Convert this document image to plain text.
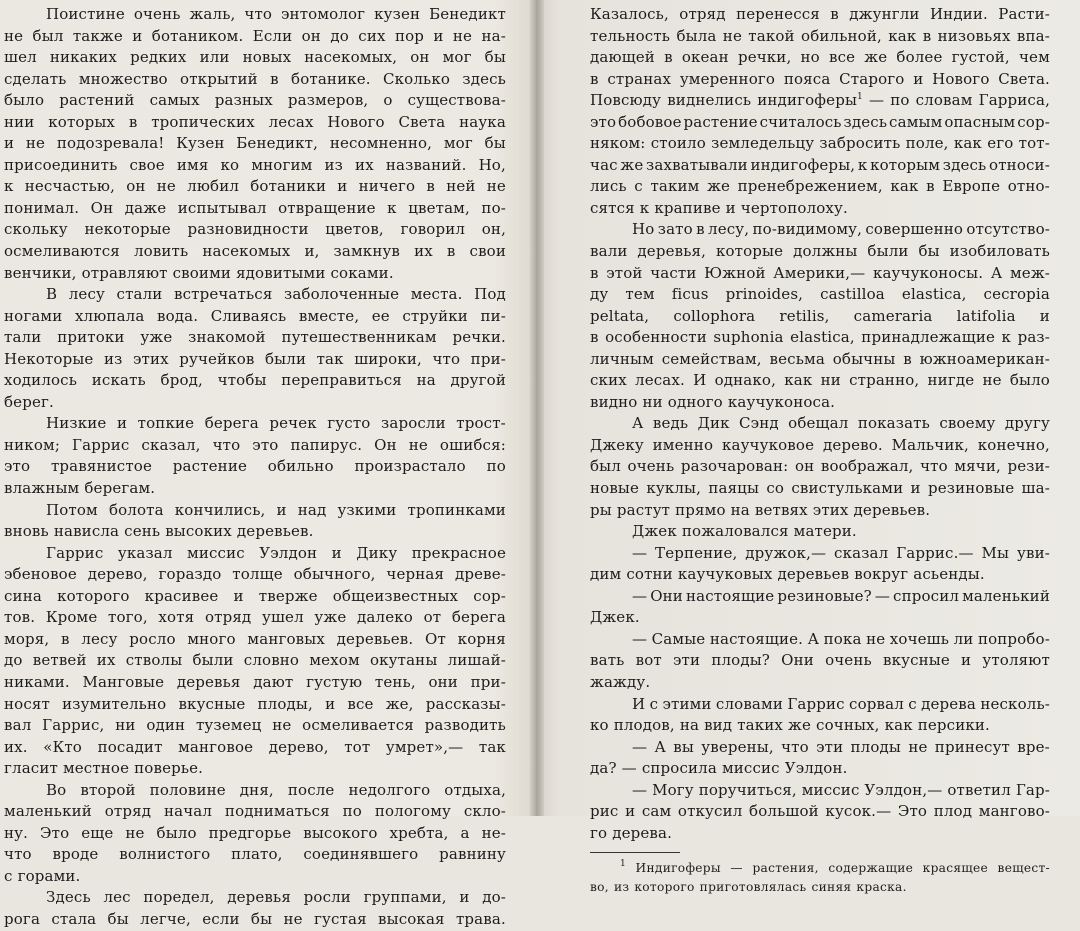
Поистине очень жаль, что энтомолог кузен Бенедикт
не был также и ботаником. Если он до сих пор и не на-
шел никаких редких или новых насекомых, он мог бы
сделать множество открытий в ботанике. Сколько здесь
было растений самых разных размеров, о существова-
нии которых в тропических лесах Нового Света наука
и не подозревала! Кузен Бенедикт, несомненно, мог бы
присоединить свое имя ко многим из их названий. Но,
к несчастью, он не любил ботаники и ничего в ней не
понимал. Он даже испытывал отвращение к цветам, по-
скольку некоторые разновидности цветов, говорил он,
осмеливаются ловить насекомых и, замкнув их в свои
венчики, отравляют своими ядовитыми соками.
В лесу стали встречаться заболоченные места. Под
ногами хлюпала вода. Сливаясь вместе, ее струйки пи-
тали притоки уже знакомой путешественникам речки.
Некоторые из этих ручейков были так широки, что при-
ходилось искать брод, чтобы переправиться на другой
берег.
Низкие и топкие берега речек густо заросли трост-
ником; Гаррис сказал, что это папирус. Он не ошибся:
это травянистое растение обильно произрастало по
влажным берегам.
Потом болота кончились, и над узкими тропинками
вновь нависла сень высоких деревьев.
Гаррис указал миссис Уэлдон и Дику прекрасное
эбеновое дерево, гораздо толще обычного, черная древе-
сина которого красивее и тверже общеизвестных сор-
тов. Кроме того, хотя отряд ушел уже далеко от берега
моря, в лесу росло много манговых деревьев. От корня
до ветвей их стволы были словно мехом окутаны лишай-
никами. Манговые деревья дают густую тень, они при-
носят изумительно вкусные плоды, и все же, рассказы-
вал Гаррис, ни один туземец не осмеливается разводить
их. «Кто посадит манговое дерево, тот умрет»,— так
гласит местное поверье.
Во второй половине дня, после недолгого отдыха,
маленький отряд начал подниматься по пологому скло-
ну. Это еще не было предгорье высокого хребта, а не-
что вроде волнистого плато, соединявшего равнину
с горами.
Здесь лес поредел, деревья росли группами, и до-
рога стала бы легче, если бы не густая высокая трава.
Казалось, отряд перенесся в джунгли Индии. Расти-
тельность была не такой обильной, как в низовьях впа-
дающей в океан речки, но все же более густой, чем
в странах умеренного пояса Старого и Нового Света.
Повсюду виднелись индигоферы$^1$ — по словам Гарриса,
это бобовое растение считалось здесь самым опасным сор-
няком: стоило земледельцу забросить поле, как его тот-
час же захватывали индигоферы, к которым здесь относи-
лись с таким же пренебрежением, как в Европе отно-
сятся к крапиве и чертополоху.
Но зато в лесу, по-видимому, совершенно отсутство-
вали деревья, которые должны были бы изобиловать
в этой части Южной Америки,— каучуконосы. А меж-
ду тем ficus prinoides, castilloa elastica, cecropia
peltata, collophora retilis, cameraria latifolia и
в особенности suphonia elastica, принадлежащие к раз-
личным семействам, весьма обычны в южноамерикан-
ских лесах. И однако, как ни странно, нигде не было
видно ни одного каучуконоса.
А ведь Дик Сэнд обещал показать своему другу
Джеку именно каучуковое дерево. Мальчик, конечно,
был очень разочарован: он воображал, что мячи, рези-
новые куклы, паяцы со свистульками и резиновые ша-
ры растут прямо на ветвях этих деревьев.
Джек пожаловался матери.
— Терпение, дружок,— сказал Гаррис.— Мы уви-
дим сотни каучуковых деревьев вокруг асьенды.
— Они настоящие резиновые? — спросил маленький
Джек.
— Самые настоящие. А пока не хочешь ли попробо-
вать вот эти плоды? Они очень вкусные и утоляют
жажду.
И с этими словами Гаррис сорвал с дерева несколь-
ко плодов, на вид таких же сочных, как персики.
— А вы уверены, что эти плоды не принесут вре-
да? — спросила миссис Уэлдон.
— Могу поручиться, миссис Уэлдон,— ответил Гар-
рис и сам откусил большой кусок.— Это плод мангово-
го дерева.
$^1$ Индигоферы — растения, содержащие красящее вещест-
во, из которого приготовлялась синяя краска.
